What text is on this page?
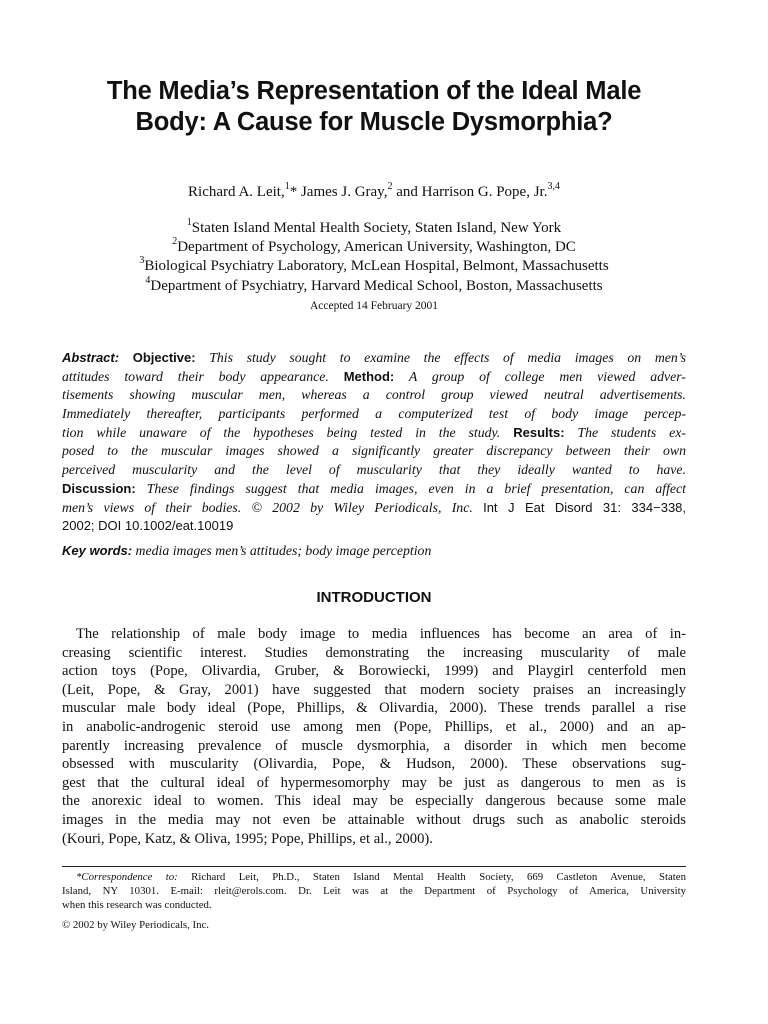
The Media’s Representation of the Ideal Male
Body: A Cause for Muscle Dysmorphia?
Richard A. Leit,$^1$* James J. Gray,$^2$ and Harrison G. Pope, Jr.$^{3,4}$
$^1$Staten Island Mental Health Society, Staten Island, New York
$^2$Department of Psychology, American University, Washington, DC
$^3$Biological Psychiatry Laboratory, McLean Hospital, Belmont, Massachusetts
$^4$Department of Psychiatry, Harvard Medical School, Boston, Massachusetts
Accepted 14 February 2001
Abstract: Objective: This study sought to examine the effects of media images on men’s
attitudes toward their body appearance. Method: A group of college men viewed adver-
tisements showing muscular men, whereas a control group viewed neutral advertisements.
Immediately thereafter, participants performed a computerized test of body image percep-
tion while unaware of the hypotheses being tested in the study. Results: The students ex-
posed to the muscular images showed a significantly greater discrepancy between their own
perceived muscularity and the level of muscularity that they ideally wanted to have.
Discussion: These findings suggest that media images, even in a brief presentation, can affect
men’s views of their bodies. © 2002 by Wiley Periodicals, Inc. Int J Eat Disord 31: 334−338,
2002; DOI 10.1002/eat.10019
Key words: media images men’s attitudes; body image perception
INTRODUCTION
The relationship of male body image to media influences has become an area of in-
creasing scientific interest. Studies demonstrating the increasing muscularity of male
action toys (Pope, Olivardia, Gruber, & Borowiecki, 1999) and Playgirl centerfold men
(Leit, Pope, & Gray, 2001) have suggested that modern society praises an increasingly
muscular male body ideal (Pope, Phillips, & Olivardia, 2000). These trends parallel a rise
in anabolic-androgenic steroid use among men (Pope, Phillips, et al., 2000) and an ap-
parently increasing prevalence of muscle dysmorphia, a disorder in which men become
obsessed with muscularity (Olivardia, Pope, & Hudson, 2000). These observations sug-
gest that the cultural ideal of hypermesomorphy may be just as dangerous to men as is
the anorexic ideal to women. This ideal may be especially dangerous because some male
images in the media may not even be attainable without drugs such as anabolic steroids
(Kouri, Pope, Katz, & Oliva, 1995; Pope, Phillips, et al., 2000).
*Correspondence to: Richard Leit, Ph.D., Staten Island Mental Health Society, 669 Castleton Avenue, Staten
Island, NY 10301. E-mail: rleit@erols.com. Dr. Leit was at the Department of Psychology of America, University
when this research was conducted.
© 2002 by Wiley Periodicals, Inc.
